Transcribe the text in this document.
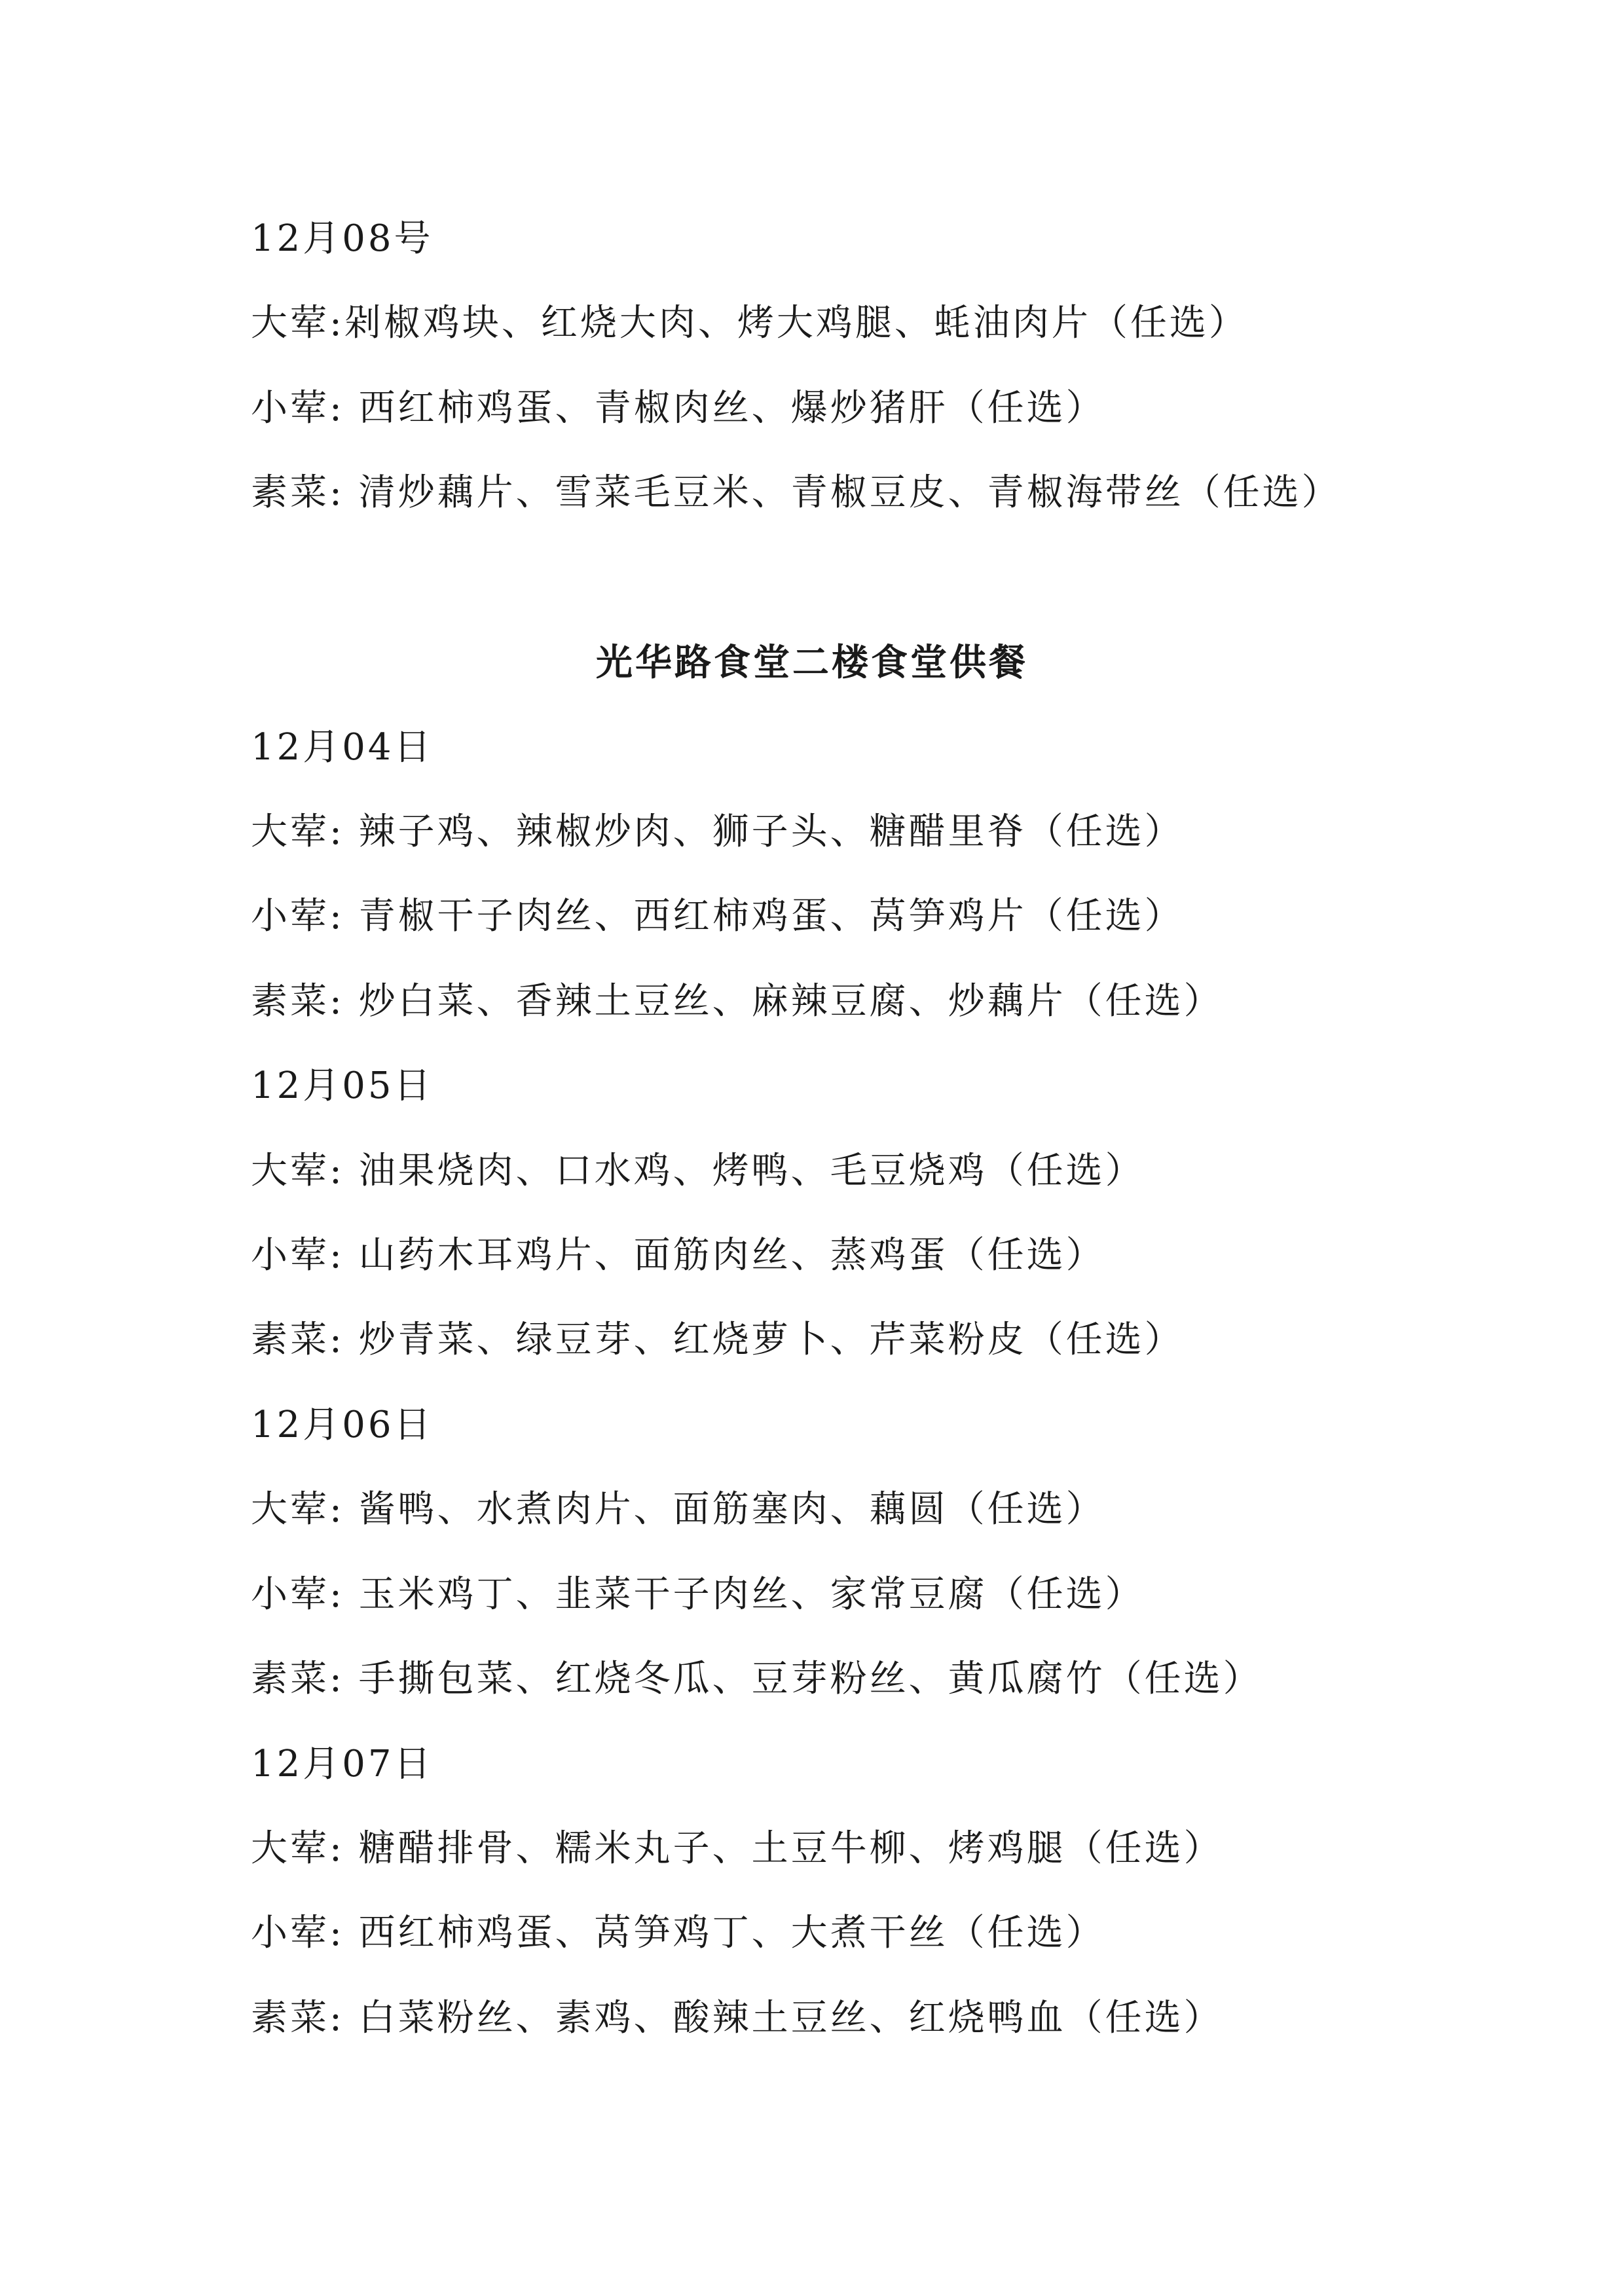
12月08号
大荤:剁椒鸡块、红烧大肉、烤大鸡腿、蚝油肉片（任选）
小荤: 西红柿鸡蛋、青椒肉丝、爆炒猪肝（任选）
素菜: 清炒藕片、雪菜毛豆米、青椒豆皮、青椒海带丝（任选）
光华路食堂二楼食堂供餐
12月04日
大荤: 辣子鸡、辣椒炒肉、狮子头、糖醋里脊（任选）
小荤: 青椒干子肉丝、西红柿鸡蛋、莴笋鸡片（任选）
素菜: 炒白菜、香辣土豆丝、麻辣豆腐、炒藕片（任选）
12月05日
大荤: 油果烧肉、口水鸡、烤鸭、毛豆烧鸡（任选）
小荤: 山药木耳鸡片、面筋肉丝、蒸鸡蛋（任选）
素菜: 炒青菜、绿豆芽、红烧萝卜、芹菜粉皮（任选）
12月06日
大荤: 酱鸭、水煮肉片、面筋塞肉、藕圆（任选）
小荤: 玉米鸡丁、韭菜干子肉丝、家常豆腐（任选）
素菜: 手撕包菜、红烧冬瓜、豆芽粉丝、黄瓜腐竹（任选）
12月07日
大荤: 糖醋排骨、糯米丸子、土豆牛柳、烤鸡腿（任选）
小荤: 西红柿鸡蛋、莴笋鸡丁、大煮干丝（任选）
素菜: 白菜粉丝、素鸡、酸辣土豆丝、红烧鸭血（任选）
